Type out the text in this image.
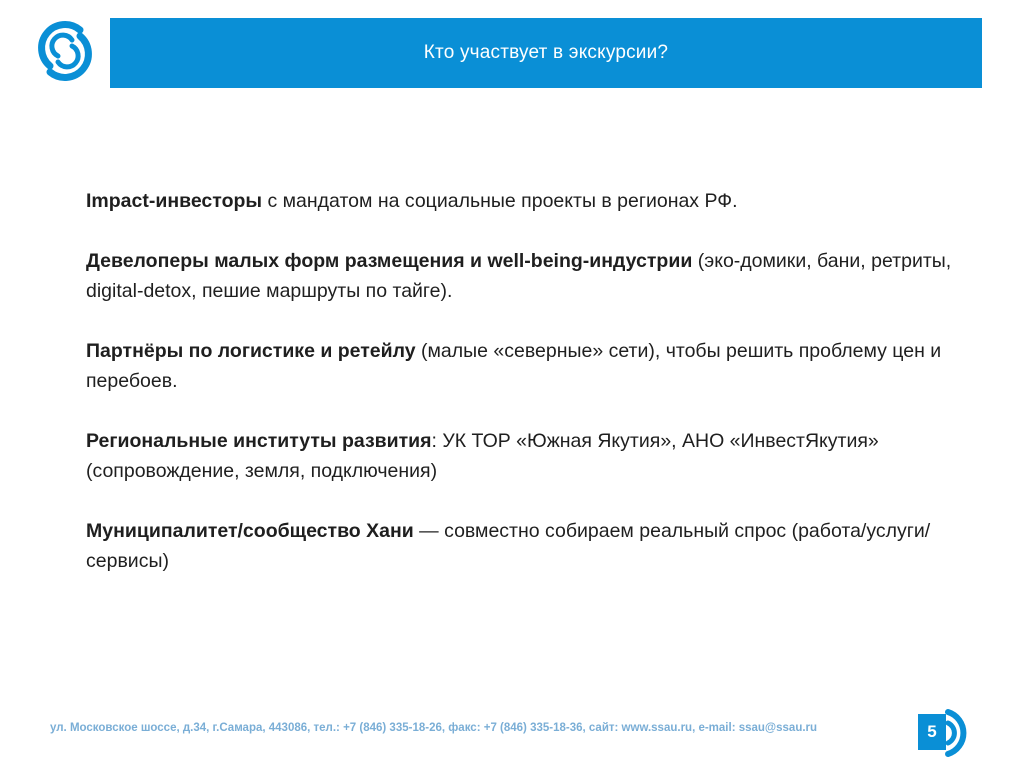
Кто участвует в экскурсии?

Impact-инвесторы с мандатом на социальные проекты в регионах РФ.

Девелоперы малых форм размещения и well-being-индустрии (эко-домики, бани, ретриты, digital-detox, пешие маршруты по тайге).

Партнёры по логистике и ретейлу (малые «северные» сети), чтобы решить проблему цен и перебоев.

Региональные институты развития: УК ТОР «Южная Якутия», АНО «ИнвестЯкутия» (сопровождение, земля, подключения)

Муниципалитет/сообщество Хани — совместно собираем реальный спрос (работа/услуги/сервисы)

ул. Московское шоссе, д.34, г.Самара, 443086, тел.: +7 (846) 335-18-26, факс: +7 (846) 335-18-36, сайт: www.ssau.ru, e-mail: ssau@ssau.ru	5
